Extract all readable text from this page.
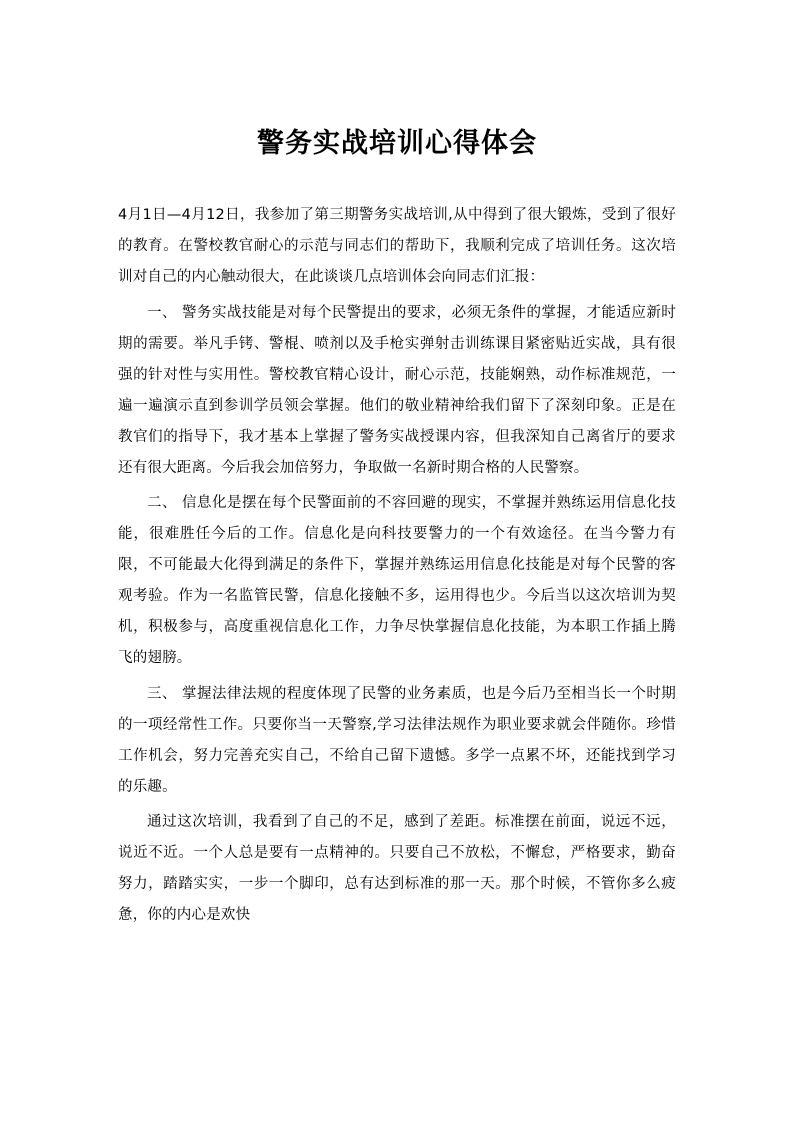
警务实战培训心得体会

4月1日—4月12日，我参加了第三期警务实战培训,从中得到了很大锻炼，受到了很好的教育。在警校教官耐心的示范与同志们的帮助下，我顺利完成了培训任务。这次培训对自己的内心触动很大，在此谈谈几点培训体会向同志们汇报：

一、 警务实战技能是对每个民警提出的要求，必须无条件的掌握，才能适应新时期的需要。举凡手铐、警棍、喷剂以及手枪实弹射击训练课目紧密贴近实战，具有很强的针对性与实用性。警校教官精心设计，耐心示范，技能娴熟，动作标准规范，一遍一遍演示直到参训学员领会掌握。他们的敬业精神给我们留下了深刻印象。正是在教官们的指导下，我才基本上掌握了警务实战授课内容，但我深知自己离省厅的要求还有很大距离。今后我会加倍努力，争取做一名新时期合格的人民警察。

二、 信息化是摆在每个民警面前的不容回避的现实，不掌握并熟练运用信息化技能，很难胜任今后的工作。信息化是向科技要警力的一个有效途径。在当今警力有限，不可能最大化得到满足的条件下，掌握并熟练运用信息化技能是对每个民警的客观考验。作为一名监管民警，信息化接触不多，运用得也少。今后当以这次培训为契机，积极参与，高度重视信息化工作，力争尽快掌握信息化技能，为本职工作插上腾飞的翅膀。

三、 掌握法律法规的程度体现了民警的业务素质，也是今后乃至相当长一个时期的一项经常性工作。只要你当一天警察,学习法律法规作为职业要求就会伴随你。珍惜工作机会，努力完善充实自己，不给自己留下遗憾。多学一点累不坏，还能找到学习的乐趣。

通过这次培训，我看到了自己的不足，感到了差距。标准摆在前面，说远不远，说近不近。一个人总是要有一点精神的。只要自己不放松，不懈怠，严格要求，勤奋努力，踏踏实实，一步一个脚印，总有达到标准的那一天。那个时候，不管你多么疲惫，你的内心是欢快
